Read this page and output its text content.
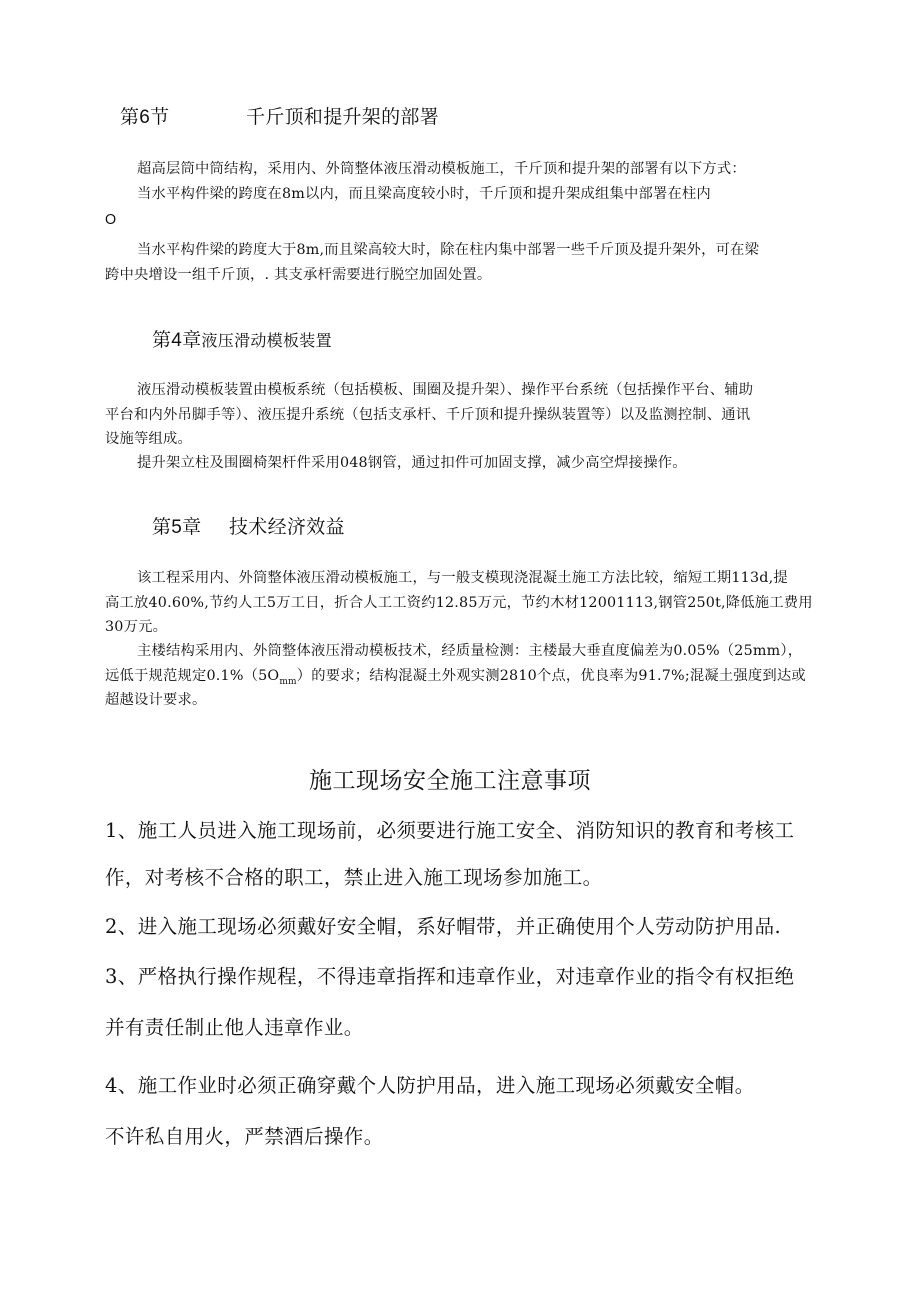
第6节	千斤顶和提升架的部署
超高层筒中筒结构，采用内、外筒整体液压滑动模板施工，千斤顶和提升架的部署有以下方式：
当水平构件梁的跨度在8m以内，而且梁高度较小时，千斤顶和提升架成组集中部署在柱内
O
当水平构件梁的跨度大于8m,而且梁高较大时，除在柱内集中部署一些千斤顶及提升架外，可在梁
跨中央增设一组千斤顶，. 其支承杆需要进行脱空加固处置。
第4章液压滑动模板装置
液压滑动模板装置由模板系统（包括模板、围圈及提升架）、操作平台系统（包括操作平台、辅助
平台和内外吊脚手等）、液压提升系统（包括支承杆、千斤顶和提升操纵装置等）以及监测控制、通讯
设施等组成。
提升架立柱及围圈椅架杆件采用048钢管，通过扣件可加固支撑，减少高空焊接操作。
第5章 技术经济效益
该工程采用内、外筒整体液压滑动模板施工，与一般支模现浇混凝土施工方法比较，缩短工期113d,提
高工放40.60%,节约人工5万工日，折合人工工资约12.85万元，节约木材12001113,钢管250t,降低施工费用
30万元。
主楼结构采用内、外筒整体液压滑动模板技术，经质量检测：主楼最大垂直度偏差为0.05%（25mm），
远低于规范规定$0.1\%(5O_{mm})$的要求；结构混凝土外观实测2810个点，优良率为91.7%;混凝土强度到达或
超越设计要求。
施工现场安全施工注意事项
1、施工人员进入施工现场前，必须要进行施工安全、消防知识的教育和考核工
作，对考核不合格的职工，禁止进入施工现场参加施工。
2、进入施工现场必须戴好安全帽，系好帽带，并正确使用个人劳动防护用品.
3、严格执行操作规程，不得违章指挥和违章作业，对违章作业的指令有权拒绝
并有责任制止他人违章作业。
4、施工作业时必须正确穿戴个人防护用品，进入施工现场必须戴安全帽。
不许私自用火，严禁酒后操作。
